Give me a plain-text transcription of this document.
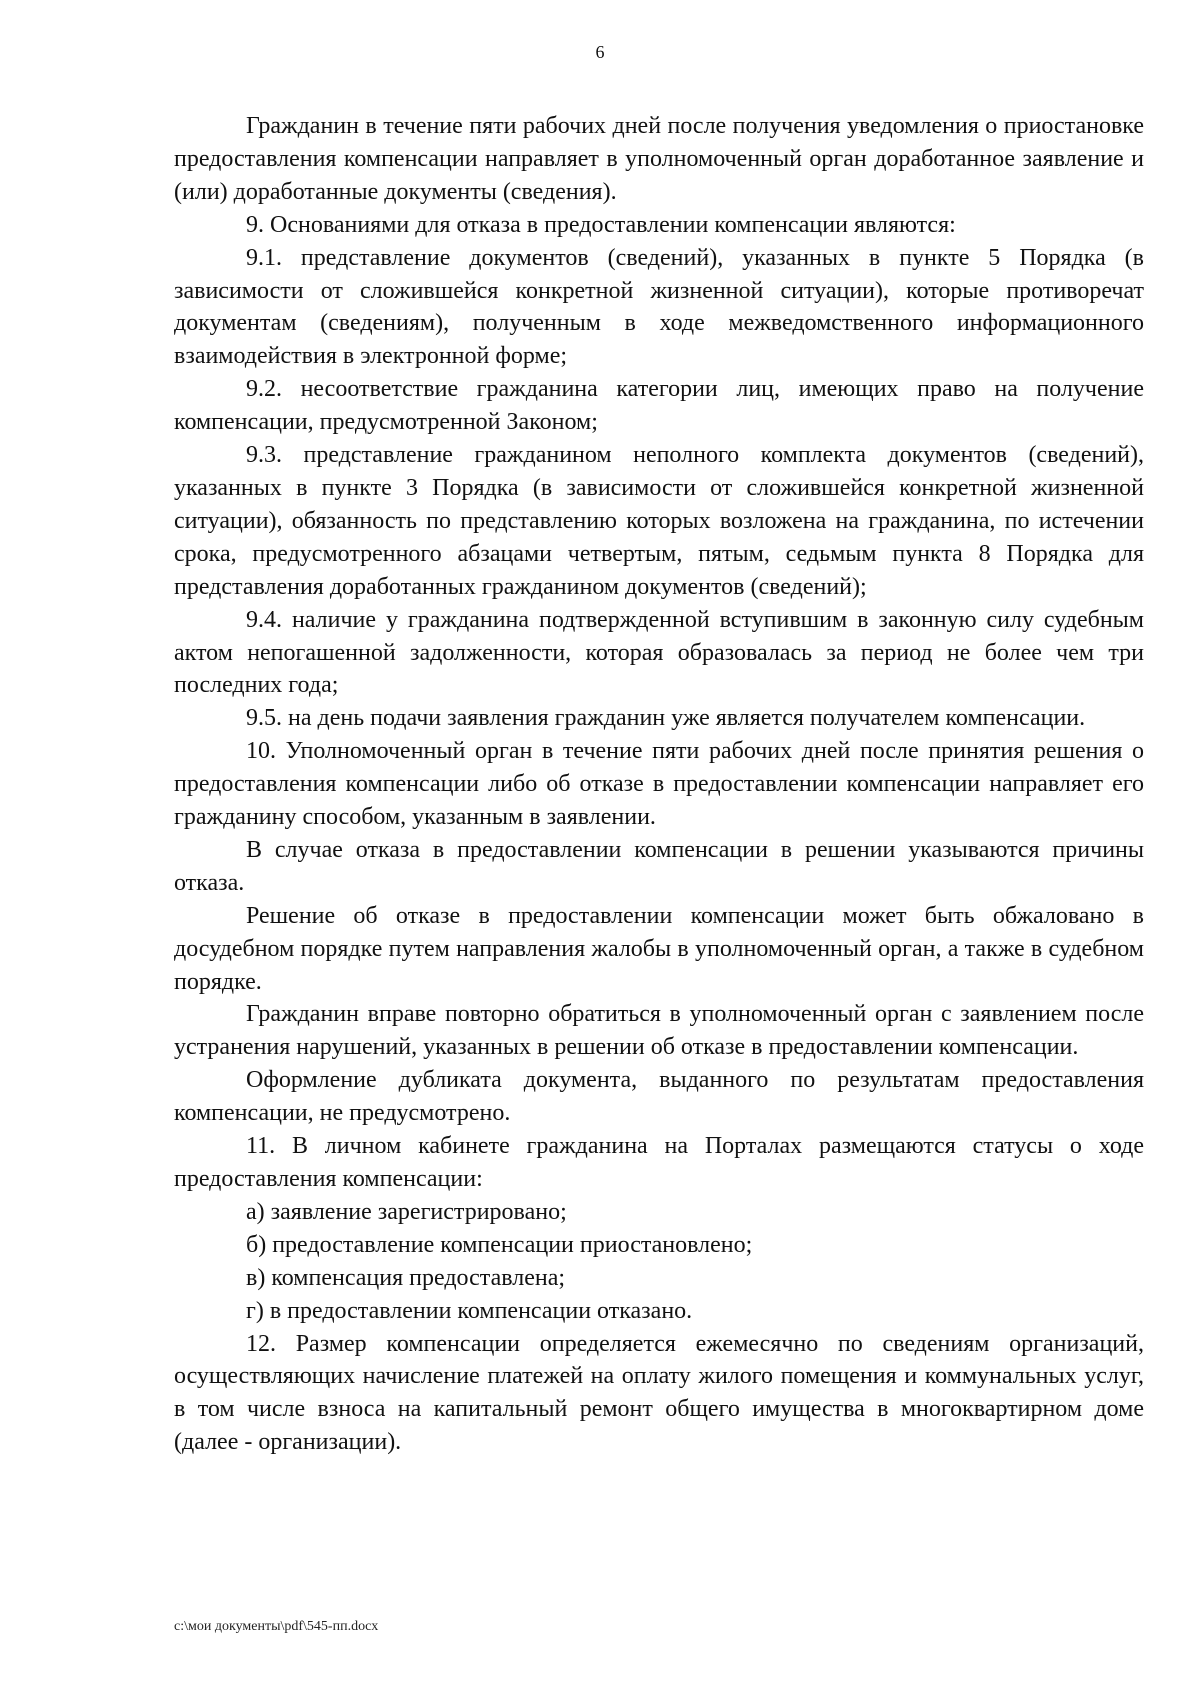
6

Гражданин в течение пяти рабочих дней после получения уведомления о приостановке предоставления компенсации направляет в уполномоченный орган доработанное заявление и (или) доработанные документы (сведения).

9. Основаниями для отказа в предоставлении компенсации являются:

9.1. представление документов (сведений), указанных в пункте 5 Порядка (в зависимости от сложившейся конкретной жизненной ситуации), которые противоречат документам (сведениям), полученным в ходе межведомственного информационного взаимодействия в электронной форме;

9.2. несоответствие гражданина категории лиц, имеющих право на получение компенсации, предусмотренной Законом;

9.3. представление гражданином неполного комплекта документов (сведений), указанных в пункте 3 Порядка (в зависимости от сложившейся конкретной жизненной ситуации), обязанность по представлению которых возложена на гражданина, по истечении срока, предусмотренного абзацами четвертым, пятым, седьмым пункта 8 Порядка для представления доработанных гражданином документов (сведений);

9.4. наличие у гражданина подтвержденной вступившим в законную силу судебным актом непогашенной задолженности, которая образовалась за период не более чем три последних года;

9.5. на день подачи заявления гражданин уже является получателем компенсации.

10. Уполномоченный орган в течение пяти рабочих дней после принятия решения о предоставления компенсации либо об отказе в предоставлении компенсации направляет его гражданину способом, указанным в заявлении.

В случае отказа в предоставлении компенсации в решении указываются причины отказа.

Решение об отказе в предоставлении компенсации может быть обжаловано в досудебном порядке путем направления жалобы в уполномоченный орган, а также в судебном порядке.

Гражданин вправе повторно обратиться в уполномоченный орган с заявлением после устранения нарушений, указанных в решении об отказе в предоставлении компенсации.

Оформление дубликата документа, выданного по результатам предоставления компенсации, не предусмотрено.

11. В личном кабинете гражданина на Порталах размещаются статусы о ходе предоставления компенсации:

а) заявление зарегистрировано;

б) предоставление компенсации приостановлено;

в) компенсация предоставлена;

г) в предоставлении компенсации отказано.

12. Размер компенсации определяется ежемесячно по сведениям организаций, осуществляющих начисление платежей на оплату жилого помещения и коммунальных услуг, в том числе взноса на капитальный ремонт общего имущества в многоквартирном доме (далее - организации).

c:\мои документы\pdf\545-пп.docx
